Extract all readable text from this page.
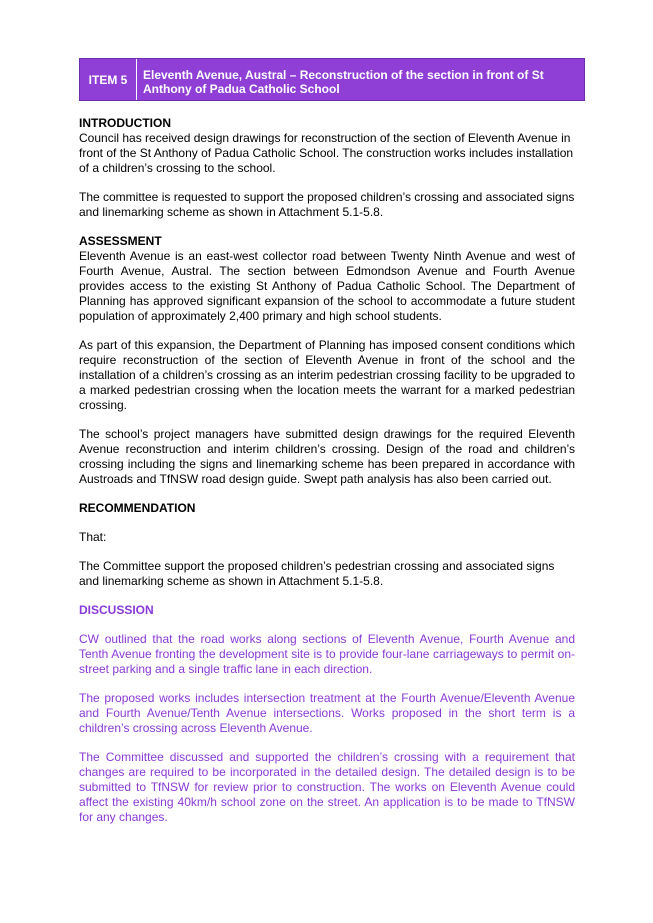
ITEM 5	Eleventh Avenue, Austral – Reconstruction of the section in front of St Anthony of Padua Catholic School

INTRODUCTION

Council has received design drawings for reconstruction of the section of Eleventh Avenue in front of the St Anthony of Padua Catholic School. The construction works includes installation of a children’s crossing to the school.

The committee is requested to support the proposed children’s crossing and associated signs and linemarking scheme as shown in Attachment 5.1-5.8.

ASSESSMENT

Eleventh Avenue is an east-west collector road between Twenty Ninth Avenue and west of Fourth Avenue, Austral. The section between Edmondson Avenue and Fourth Avenue provides access to the existing St Anthony of Padua Catholic School. The Department of Planning has approved significant expansion of the school to accommodate a future student population of approximately 2,400 primary and high school students.

As part of this expansion, the Department of Planning has imposed consent conditions which require reconstruction of the section of Eleventh Avenue in front of the school and the installation of a children’s crossing as an interim pedestrian crossing facility to be upgraded to a marked pedestrian crossing when the location meets the warrant for a marked pedestrian crossing.

The school’s project managers have submitted design drawings for the required Eleventh Avenue reconstruction and interim children’s crossing. Design of the road and children’s crossing including the signs and linemarking scheme has been prepared in accordance with Austroads and TfNSW road design guide. Swept path analysis has also been carried out.

RECOMMENDATION

That:

The Committee support the proposed children’s pedestrian crossing and associated signs and linemarking scheme as shown in Attachment 5.1-5.8.

DISCUSSION

CW outlined that the road works along sections of Eleventh Avenue, Fourth Avenue and Tenth Avenue fronting the development site is to provide four-lane carriageways to permit on-street parking and a single traffic lane in each direction.

The proposed works includes intersection treatment at the Fourth Avenue/Eleventh Avenue and Fourth Avenue/Tenth Avenue intersections. Works proposed in the short term is a children’s crossing across Eleventh Avenue.

The Committee discussed and supported the children’s crossing with a requirement that changes are required to be incorporated in the detailed design. The detailed design is to be submitted to TfNSW for review prior to construction. The works on Eleventh Avenue could affect the existing 40km/h school zone on the street. An application is to be made to TfNSW for any changes.
